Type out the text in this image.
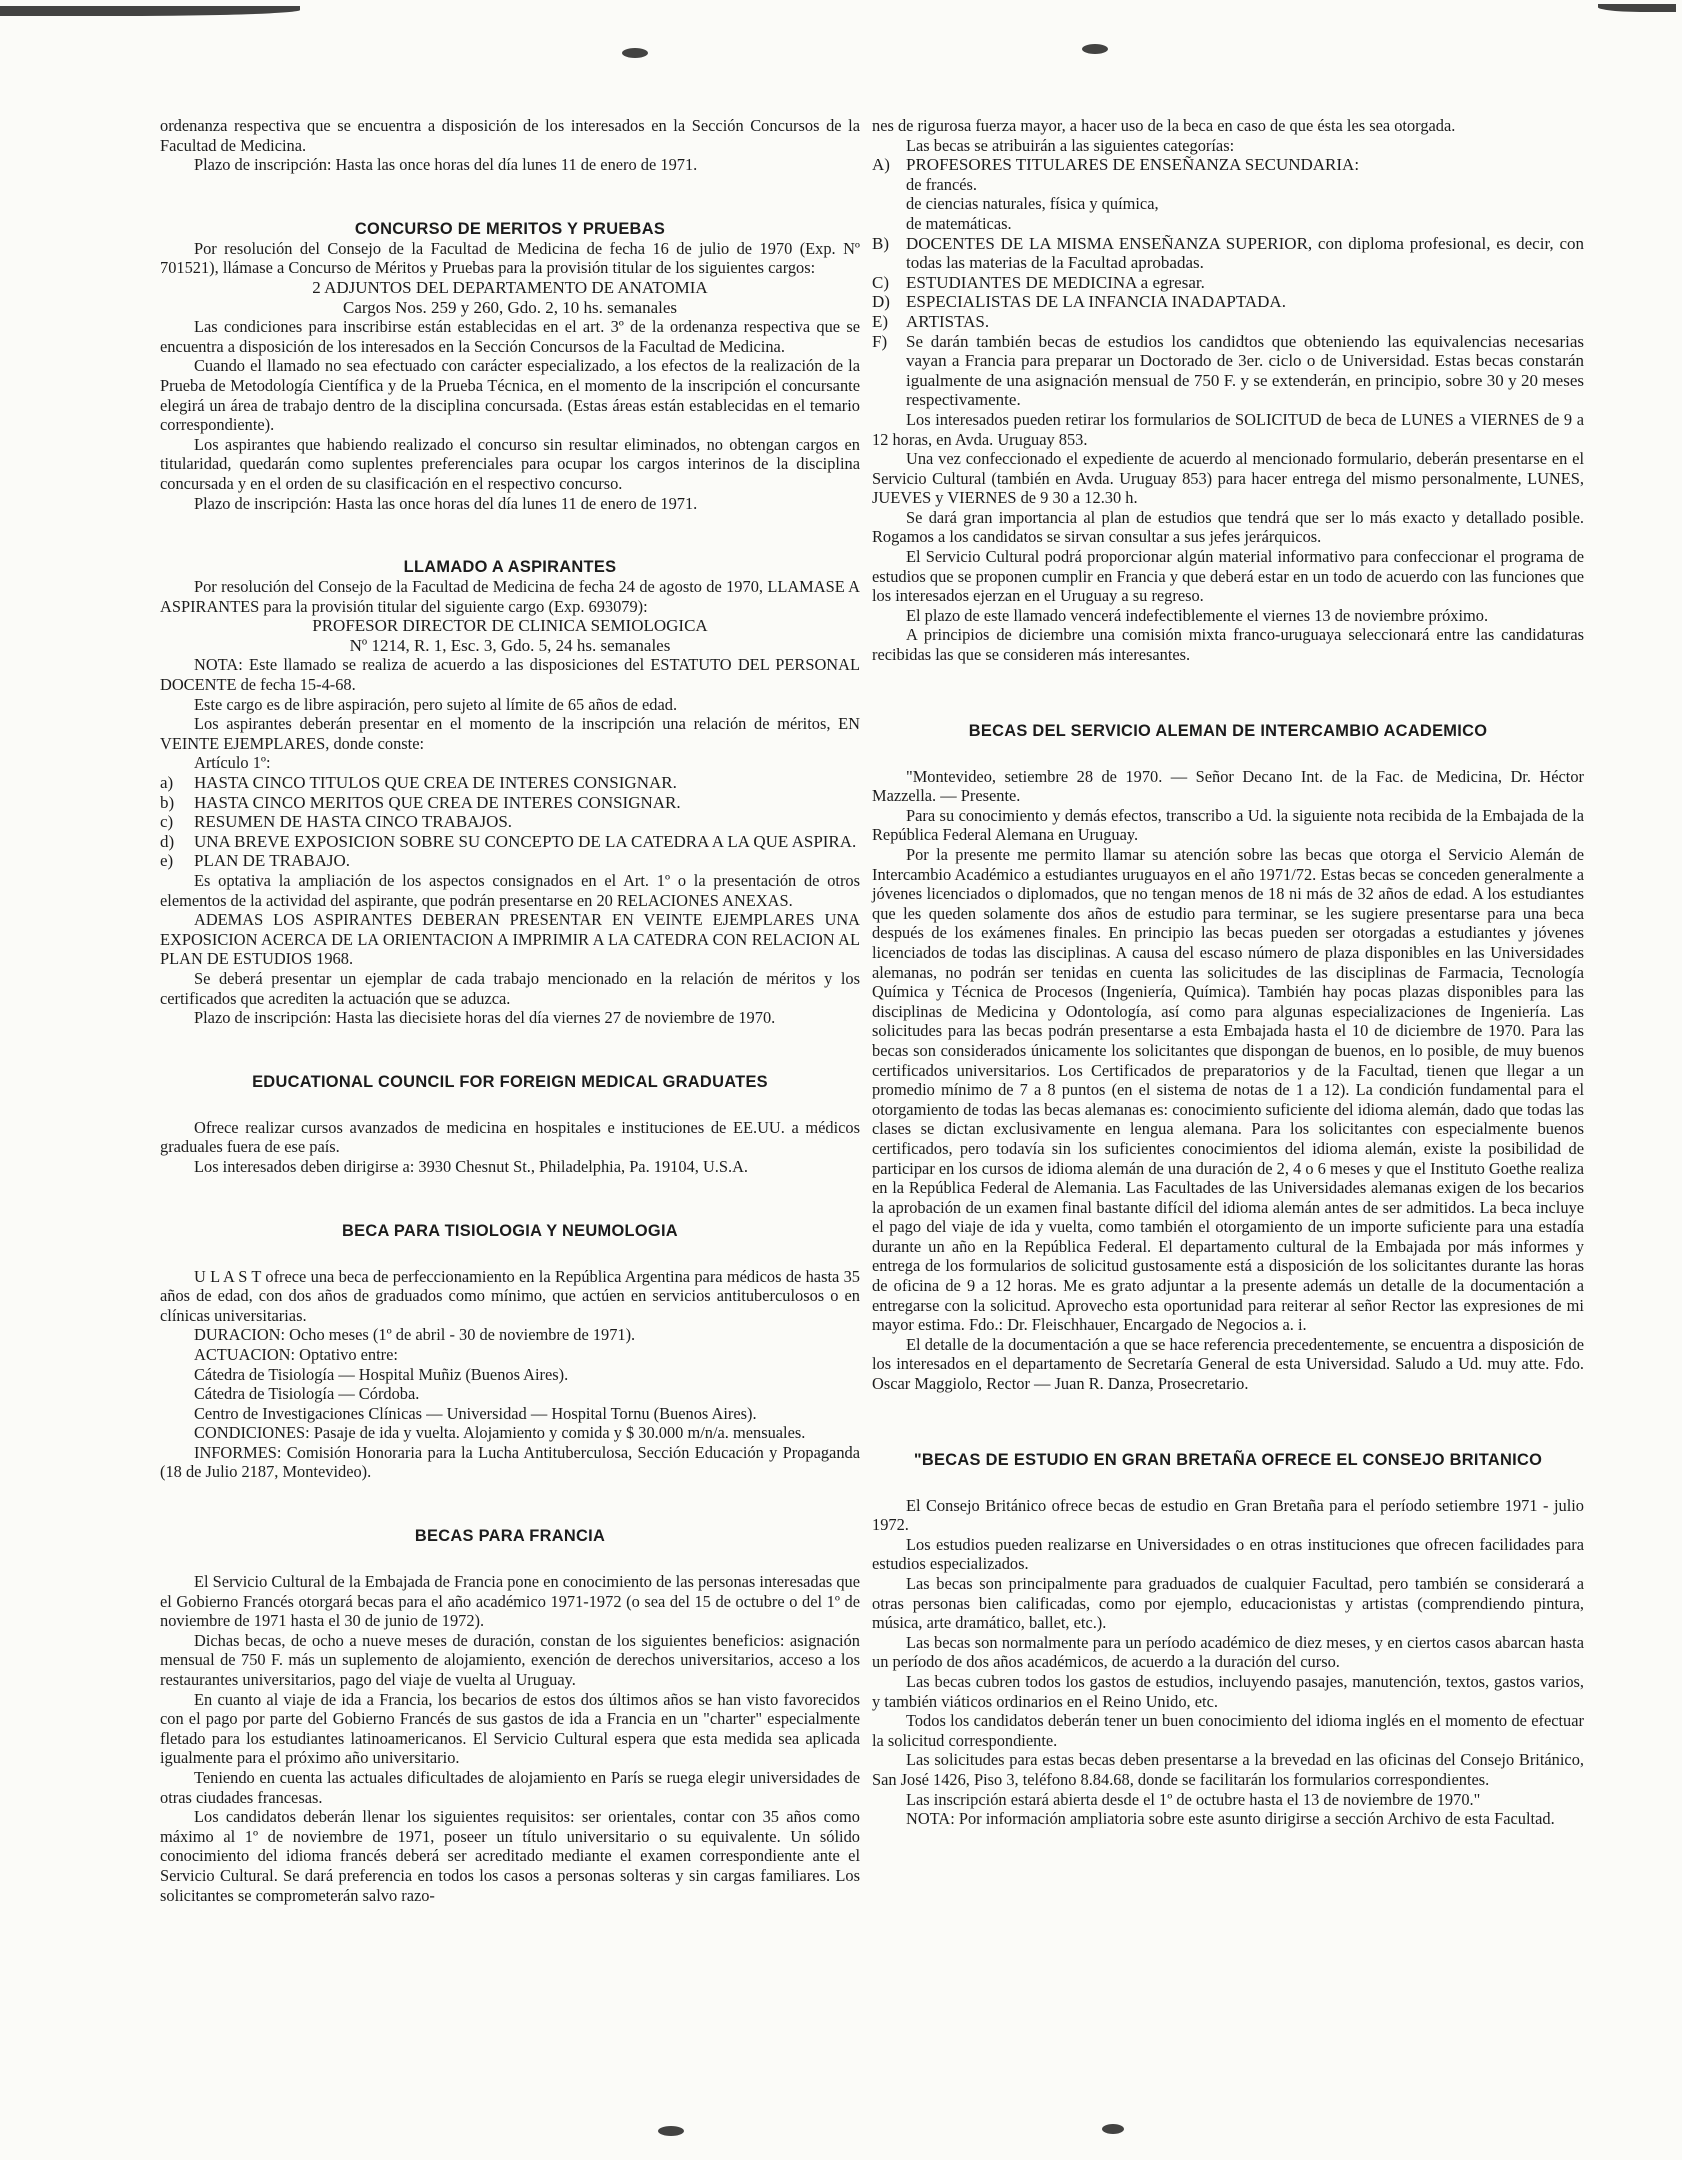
ordenanza respectiva que se encuentra a disposición de los interesados en la Sección Concursos de la Facultad de Medicina.

Plazo de inscripción: Hasta las once horas del día lunes 11 de enero de 1971.

CONCURSO DE MERITOS Y PRUEBAS

Por resolución del Consejo de la Facultad de Medicina de fecha 16 de julio de 1970 (Exp. Nº 701521), llámase a Concurso de Méritos y Pruebas para la provisión titular de los siguientes cargos:

2 ADJUNTOS DEL DEPARTAMENTO DE ANATOMIA

Cargos Nos. 259 y 260, Gdo. 2, 10 hs. semanales

Las condiciones para inscribirse están establecidas en el art. 3º de la ordenanza respectiva que se encuentra a disposición de los interesados en la Sección Concursos de la Facultad de Medicina.

Cuando el llamado no sea efectuado con carácter especializado, a los efectos de la realización de la Prueba de Metodología Científica y de la Prueba Técnica, en el momento de la inscripción el concursante elegirá un área de trabajo dentro de la disciplina concursada. (Estas áreas están establecidas en el temario correspondiente).

Los aspirantes que habiendo realizado el concurso sin resultar eliminados, no obtengan cargos en titularidad, quedarán como suplentes preferenciales para ocupar los cargos interinos de la disciplina concursada y en el orden de su clasificación en el respectivo concurso.

Plazo de inscripción: Hasta las once horas del día lunes 11 de enero de 1971.

LLAMADO A ASPIRANTES

Por resolución del Consejo de la Facultad de Medicina de fecha 24 de agosto de 1970, LLAMASE A ASPIRANTES para la provisión titular del siguiente cargo (Exp. 693079):

PROFESOR DIRECTOR DE CLINICA SEMIOLOGICA

Nº 1214, R. 1, Esc. 3, Gdo. 5, 24 hs. semanales

NOTA: Este llamado se realiza de acuerdo a las disposiciones del ESTATUTO DEL PERSONAL DOCENTE de fecha 15-4-68.

Este cargo es de libre aspiración, pero sujeto al límite de 65 años de edad.

Los aspirantes deberán presentar en el momento de la inscripción una relación de méritos, EN VEINTE EJEMPLARES, donde conste:

Artículo 1º:

a) HASTA CINCO TITULOS QUE CREA DE INTERES CONSIGNAR.
b) HASTA CINCO MERITOS QUE CREA DE INTERES CONSIGNAR.
c) RESUMEN DE HASTA CINCO TRABAJOS.
d) UNA BREVE EXPOSICION SOBRE SU CONCEPTO DE LA CATEDRA A LA QUE ASPIRA.
e) PLAN DE TRABAJO.

Es optativa la ampliación de los aspectos consignados en el Art. 1º o la presentación de otros elementos de la actividad del aspirante, que podrán presentarse en 20 RELACIONES ANEXAS.

ADEMAS LOS ASPIRANTES DEBERAN PRESENTAR EN VEINTE EJEMPLARES UNA EXPOSICION ACERCA DE LA ORIENTACION A IMPRIMIR A LA CATEDRA CON RELACION AL PLAN DE ESTUDIOS 1968.

Se deberá presentar un ejemplar de cada trabajo mencionado en la relación de méritos y los certificados que acrediten la actuación que se aduzca.

Plazo de inscripción: Hasta las diecisiete horas del día viernes 27 de noviembre de 1970.

EDUCATIONAL COUNCIL FOR FOREIGN MEDICAL GRADUATES

Ofrece realizar cursos avanzados de medicina en hospitales e instituciones de EE.UU. a médicos graduales fuera de ese país.

Los interesados deben dirigirse a: 3930 Chesnut St., Philadelphia, Pa. 19104, U.S.A.

BECA PARA TISIOLOGIA Y NEUMOLOGIA

U L A S T ofrece una beca de perfeccionamiento en la República Argentina para médicos de hasta 35 años de edad, con dos años de graduados como mínimo, que actúen en servicios antituberculosos o en clínicas universitarias.

DURACION: Ocho meses (1º de abril - 30 de noviembre de 1971).

ACTUACION: Optativo entre:

Cátedra de Tisiología — Hospital Muñiz (Buenos Aires).

Cátedra de Tisiología — Córdoba.

Centro de Investigaciones Clínicas — Universidad — Hospital Tornu (Buenos Aires).

CONDICIONES: Pasaje de ida y vuelta. Alojamiento y comida y $ 30.000 m/n/a. mensuales.

INFORMES: Comisión Honoraria para la Lucha Antituberculosa, Sección Educación y Propaganda (18 de Julio 2187, Montevideo).

BECAS PARA FRANCIA

El Servicio Cultural de la Embajada de Francia pone en conocimiento de las personas interesadas que el Gobierno Francés otorgará becas para el año académico 1971-1972 (o sea del 15 de octubre o del 1º de noviembre de 1971 hasta el 30 de junio de 1972).

Dichas becas, de ocho a nueve meses de duración, constan de los siguientes beneficios: asignación mensual de 750 F. más un suplemento de alojamiento, exención de derechos universitarios, acceso a los restaurantes universitarios, pago del viaje de vuelta al Uruguay.

En cuanto al viaje de ida a Francia, los becarios de estos dos últimos años se han visto favorecidos con el pago por parte del Gobierno Francés de sus gastos de ida a Francia en un "charter" especialmente fletado para los estudiantes latinoamericanos. El Servicio Cultural espera que esta medida sea aplicada igualmente para el próximo año universitario.

Teniendo en cuenta las actuales dificultades de alojamiento en París se ruega elegir universidades de otras ciudades francesas.

Los candidatos deberán llenar los siguientes requisitos: ser orientales, contar con 35 años como máximo al 1º de noviembre de 1971, poseer un título universitario o su equivalente. Un sólido conocimiento del idioma francés deberá ser acreditado mediante el examen correspondiente ante el Servicio Cultural. Se dará preferencia en todos los casos a personas solteras y sin cargas familiares. Los solicitantes se comprometerán salvo razo-

nes de rigurosa fuerza mayor, a hacer uso de la beca en caso de que ésta les sea otorgada.

Las becas se atribuirán a las siguientes categorías:

A) PROFESORES TITULARES DE ENSEÑANZA SECUNDARIA:

de francés.

de ciencias naturales, física y química,

de matemáticas.

B) DOCENTES DE LA MISMA ENSEÑANZA SUPERIOR, con diploma profesional, es decir, con todas las materias de la Facultad aprobadas.
C) ESTUDIANTES DE MEDICINA a egresar.
D) ESPECIALISTAS DE LA INFANCIA INADAPTADA.
E) ARTISTAS.
F) Se darán también becas de estudios los candidtos que obteniendo las equivalencias necesarias vayan a Francia para preparar un Doctorado de 3er. ciclo o de Universidad. Estas becas constarán igualmente de una asignación mensual de 750 F. y se extenderán, en principio, sobre 30 y 20 meses respectivamente.

Los interesados pueden retirar los formularios de SOLICITUD de beca de LUNES a VIERNES de 9 a 12 horas, en Avda. Uruguay 853.

Una vez confeccionado el expediente de acuerdo al mencionado formulario, deberán presentarse en el Servicio Cultural (también en Avda. Uruguay 853) para hacer entrega del mismo personalmente, LUNES, JUEVES y VIERNES de 9 30 a 12.30 h.

Se dará gran importancia al plan de estudios que tendrá que ser lo más exacto y detallado posible. Rogamos a los candidatos se sirvan consultar a sus jefes jerárquicos.

El Servicio Cultural podrá proporcionar algún material informativo para confeccionar el programa de estudios que se proponen cumplir en Francia y que deberá estar en un todo de acuerdo con las funciones que los interesados ejerzan en el Uruguay a su regreso.

El plazo de este llamado vencerá indefectiblemente el viernes 13 de noviembre próximo.

A principios de diciembre una comisión mixta franco-uruguaya seleccionará entre las candidaturas recibidas las que se consideren más interesantes.

BECAS DEL SERVICIO ALEMAN DE INTERCAMBIO ACADEMICO

"Montevideo, setiembre 28 de 1970. — Señor Decano Int. de la Fac. de Medicina, Dr. Héctor Mazzella. — Presente.

Para su conocimiento y demás efectos, transcribo a Ud. la siguiente nota recibida de la Embajada de la República Federal Alemana en Uruguay.

Por la presente me permito llamar su atención sobre las becas que otorga el Servicio Alemán de Intercambio Académico a estudiantes uruguayos en el año 1971/72. Estas becas se conceden generalmente a jóvenes licenciados o diplomados, que no tengan menos de 18 ni más de 32 años de edad. A los estudiantes que les queden solamente dos años de estudio para terminar, se les sugiere presentarse para una beca después de los exámenes finales. En principio las becas pueden ser otorgadas a estudiantes y jóvenes licenciados de todas las disciplinas. A causa del escaso número de plaza disponibles en las Universidades alemanas, no podrán ser tenidas en cuenta las solicitudes de las disciplinas de Farmacia, Tecnología Química y Técnica de Procesos (Ingeniería, Química). También hay pocas plazas disponibles para las disciplinas de Medicina y Odontología, así como para algunas especializaciones de Ingeniería. Las solicitudes para las becas podrán presentarse a esta Embajada hasta el 10 de diciembre de 1970. Para las becas son considerados únicamente los solicitantes que dispongan de buenos, en lo posible, de muy buenos certificados universitarios. Los Certificados de preparatorios y de la Facultad, tienen que llegar a un promedio mínimo de 7 a 8 puntos (en el sistema de notas de 1 a 12). La condición fundamental para el otorgamiento de todas las becas alemanas es: conocimiento suficiente del idioma alemán, dado que todas las clases se dictan exclusivamente en lengua alemana. Para los solicitantes con especialmente buenos certificados, pero todavía sin los suficientes conocimientos del idioma alemán, existe la posibilidad de participar en los cursos de idioma alemán de una duración de 2, 4 o 6 meses y que el Instituto Goethe realiza en la República Federal de Alemania. Las Facultades de las Universidades alemanas exigen de los becarios la aprobación de un examen final bastante difícil del idioma alemán antes de ser admitidos. La beca incluye el pago del viaje de ida y vuelta, como también el otorgamiento de un importe suficiente para una estadía durante un año en la República Federal. El departamento cultural de la Embajada por más informes y entrega de los formularios de solicitud gustosamente está a disposición de los solicitantes durante las horas de oficina de 9 a 12 horas. Me es grato adjuntar a la presente además un detalle de la documentación a entregarse con la solicitud. Aprovecho esta oportunidad para reiterar al señor Rector las expresiones de mi mayor estima. Fdo.: Dr. Fleischhauer, Encargado de Negocios a. i.

El detalle de la documentación a que se hace referencia precedentemente, se encuentra a disposición de los interesados en el departamento de Secretaría General de esta Universidad. Saludo a Ud. muy atte. Fdo. Oscar Maggiolo, Rector — Juan R. Danza, Prosecretario.

"BECAS DE ESTUDIO EN GRAN BRETAÑA OFRECE EL CONSEJO BRITANICO

El Consejo Británico ofrece becas de estudio en Gran Bretaña para el período setiembre 1971 - julio 1972.

Los estudios pueden realizarse en Universidades o en otras instituciones que ofrecen facilidades para estudios especializados.

Las becas son principalmente para graduados de cualquier Facultad, pero también se considerará a otras personas bien calificadas, como por ejemplo, educacionistas y artistas (comprendiendo pintura, música, arte dramático, ballet, etc.).

Las becas son normalmente para un período académico de diez meses, y en ciertos casos abarcan hasta un período de dos años académicos, de acuerdo a la duración del curso.

Las becas cubren todos los gastos de estudios, incluyendo pasajes, manutención, textos, gastos varios, y también viáticos ordinarios en el Reino Unido, etc.

Todos los candidatos deberán tener un buen conocimiento del idioma inglés en el momento de efectuar la solicitud correspondiente.

Las solicitudes para estas becas deben presentarse a la brevedad en las oficinas del Consejo Británico, San José 1426, Piso 3, teléfono 8.84.68, donde se facilitarán los formularios correspondientes.

Las inscripción estará abierta desde el 1º de octubre hasta el 13 de noviembre de 1970."

NOTA: Por información ampliatoria sobre este asunto dirigirse a sección Archivo de esta Facultad.
